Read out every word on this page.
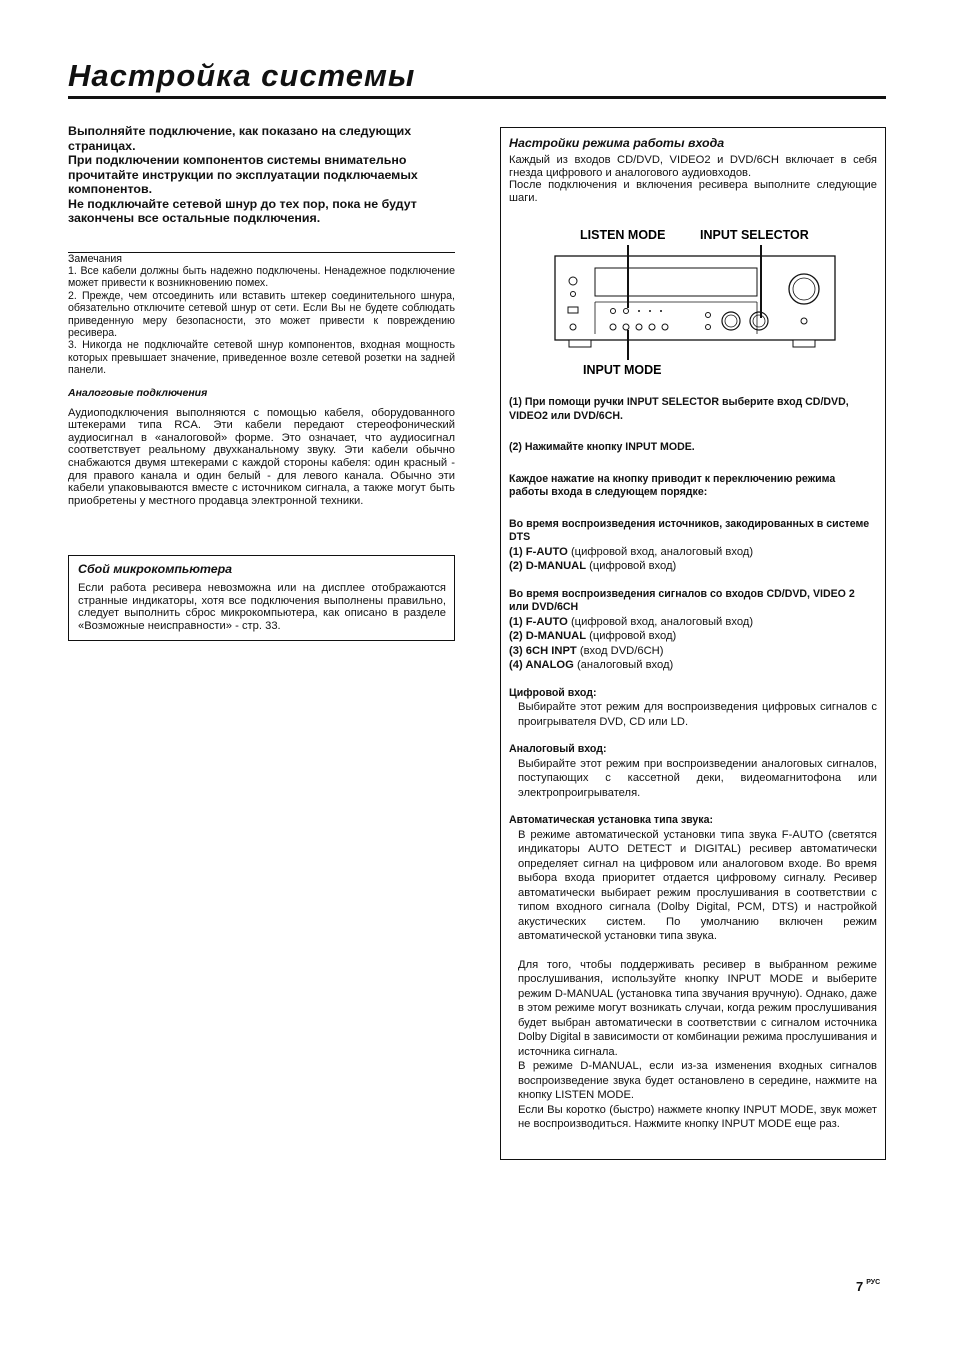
Настройка системы

Выполняйте подключение, как показано на следующих страницах.

При подключении компонентов системы внимательно прочитайте инструкции по эксплуатации подключаемых компонентов.

Не подключайте сетевой шнур до тех пор, пока не будут закончены все остальные подключения.

Замечания

1. Все кабели должны быть надежно подключены. Ненадежное подключение может привести к возникновению помех.

2. Прежде, чем отсоединить или вставить штекер соединительного шнура, обязательно отключите сетевой шнур от сети. Если Вы не будете соблюдать приведенную меру безопасности, это может привести к повреждению ресивера.

3. Никогда не подключайте сетевой шнур компонентов, входная мощность которых превышает значение, приведенное возле сетевой розетки на задней панели.

Аналоговые подключения

Аудиоподключения выполняются с помощью кабеля, оборудованного штекерами типа RCA. Эти кабели передают стереофонический аудиосигнал в «аналоговой» форме. Это означает, что аудиосигнал соответствует реальному двухканальному звуку. Эти кабели обычно снабжаются двумя штекерами с каждой стороны кабеля: один красный - для правого канала и один белый - для левого канала. Обычно эти кабели упаковываются вместе с источником сигнала, а также могут быть приобретены у местного продавца электронной техники.

Сбой микрокомпьютера

Если работа ресивера невозможна или на дисплее отображаются странные индикаторы, хотя все подключения выполнены правильно, следует выполнить сброс микрокомпьютера, как описано в разделе «Возможные неисправности» - стр. 33.

Настройки режима работы входа

Каждый из входов CD/DVD, VIDEO2 и DVD/6CH включает в себя гнезда цифрового и аналогового аудиовходов.

После подключения и включения ресивера выполните следующие шаги.

LISTEN MODE	INPUT SELECTOR
INPUT MODE

(1) При помощи ручки INPUT SELECTOR выберите вход CD/DVD, VIDEO2 или DVD/6CH.

(2) Нажимайте кнопку INPUT MODE.

Каждое нажатие на кнопку приводит к переключению режима работы входа в следующем порядке:

Во время воспроизведения источников, закодированных в системе DTS

(1) F-AUTO (цифровой вход, аналоговый вход)

(2) D-MANUAL (цифровой вход)

Во время воспроизведения сигналов со входов CD/DVD, VIDEO 2 или DVD/6CH

(1) F-AUTO (цифровой вход, аналоговый вход)

(2) D-MANUAL (цифровой вход)

(3) 6CH INPT (вход DVD/6CH)

(4) ANALOG (аналоговый вход)

Цифровой вход:

Выбирайте этот режим для воспроизведения цифровых сигналов с проигрывателя DVD, CD или LD.

Аналоговый вход:

Выбирайте этот режим при воспроизведении аналоговых сигналов, поступающих с кассетной деки, видеомагнитофона или электропроигрывателя.

Автоматическая установка типа звука:

В режиме автоматической установки типа звука F-AUTO (светятся индикаторы AUTO DETECT и DIGITAL) ресивер автоматически определяет сигнал на цифровом или аналоговом входе. Во время выбора входа приоритет отдается цифровому сигналу. Ресивер автоматически выбирает режим прослушивания в соответствии с типом входного сигнала (Dolby Digital, PCM, DTS) и настройкой акустических систем. По умолчанию включен режим автоматической установки типа звука.

Для того, чтобы поддерживать ресивер в выбранном режиме прослушивания, используйте кнопку INPUT MODE и выберите режим D-MANUAL (установка типа звучания вручную). Однако, даже в этом режиме могут возникать случаи, когда режим прослушивания будет выбран автоматически в соответствии с сигналом источника Dolby Digital в зависимости от комбинации режима прослушивания и источника сигнала.

В режиме D-MANUAL, если из-за изменения входных сигналов воспроизведение звука будет остановлено в середине, нажмите на кнопку LISTEN MODE.

Если Вы коротко (быстро) нажмете кнопку INPUT MODE, звук может не воспроизводиться. Нажмите кнопку INPUT MODE еще раз.

7 $^{РУС}$
